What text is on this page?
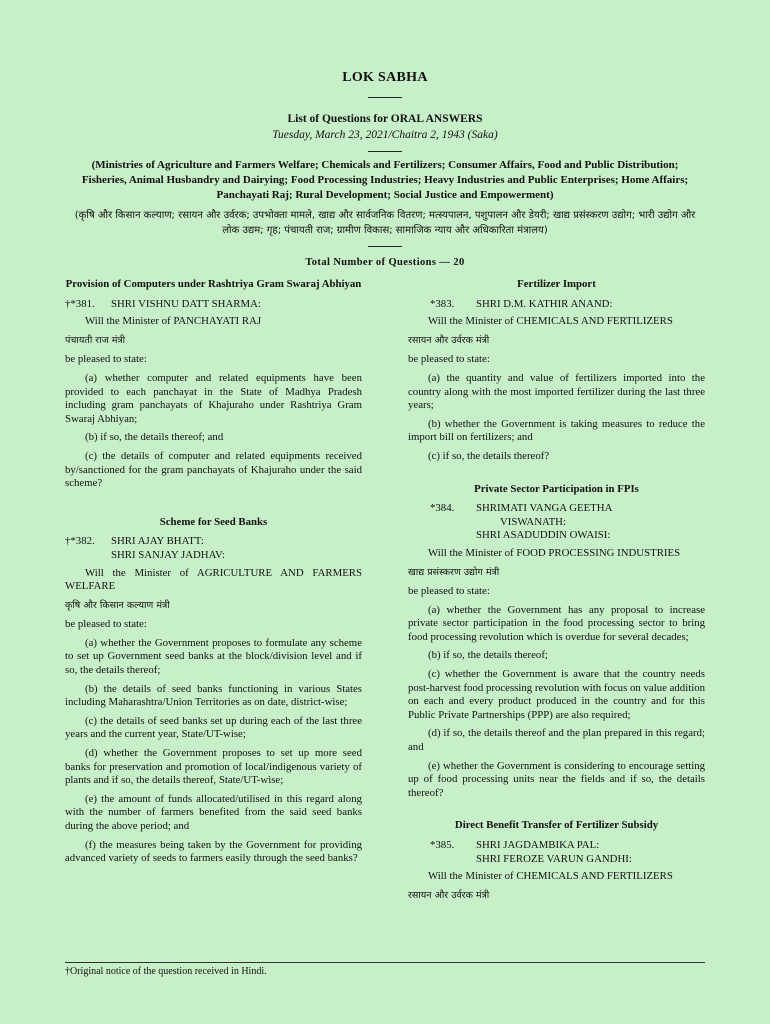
LOK SABHA
List of Questions for ORAL ANSWERS
Tuesday, March 23, 2021/Chaitra 2, 1943 (Saka)
(Ministries of Agriculture and Farmers Welfare; Chemicals and Fertilizers; Consumer Affairs, Food and Public Distribution; Fisheries, Animal Husbandry and Dairying; Food Processing Industries; Heavy Industries and Public Enterprises; Home Affairs; Panchayati Raj; Rural Development; Social Justice and Empowerment)
(कृषि और किसान कल्याण; रसायन और उर्वरक; उपभोक्ता मामले, खाद्य और सार्वजनिक वितरण; मत्स्यपालन, पशुपालन और डेयरी; खाद्य प्रसंस्करण उद्योग; भारी उद्योग और लोक उद्यम; गृह; पंचायती राज; ग्रामीण विकास; सामाजिक न्याय और अधिकारिता मंत्रालय)
Total Number of Questions — 20
Provision of Computers under Rashtriya Gram Swaraj Abhiyan
†*381.	SHRI VISHNU DATT SHARMA:

Will the Minister of PANCHAYATI RAJ

पंचायती राज मंत्री

be pleased to state:

(a) whether computer and related equipments have been provided to each panchayat in the State of Madhya Pradesh including gram panchayats of Khajuraho under Rashtriya Gram Swaraj Abhiyan;

(b) if so, the details thereof; and

(c) the details of computer and related equipments received by/sanctioned for the gram panchayats of Khajuraho under the said scheme?

Scheme for Seed Banks
†*382.	SHRI AJAY BHATT:
SHRI SANJAY JADHAV:

Will the Minister of AGRICULTURE AND FARMERS WELFARE

कृषि और किसान कल्याण मंत्री

be pleased to state:

(a) whether the Government proposes to formulate any scheme to set up Government seed banks at the block/division level and if so, the details thereof;

(b) the details of seed banks functioning in various States including Maharashtra/Union Territories as on date, district-wise;

(c) the details of seed banks set up during each of the last three years and the current year, State/UT-wise;

(d) whether the Government proposes to set up more seed banks for preservation and promotion of local/indigenous variety of plants and if so, the details thereof, State/UT-wise;

(e) the amount of funds allocated/utilised in this regard along with the number of farmers benefited from the said seed banks during the above period; and

(f) the measures being taken by the Government for providing advanced variety of seeds to farmers easily through the seed banks?

Fertilizer Import
*383.	SHRI D.M. KATHIR ANAND:

Will the Minister of CHEMICALS AND FERTILIZERS

रसायन और उर्वरक मंत्री

be pleased to state:

(a) the quantity and value of fertilizers imported into the country along with the most imported fertilizer during the last three years;

(b) whether the Government is taking measures to reduce the import bill on fertilizers; and

(c) if so, the details thereof?

Private Sector Participation in FPIs
*384.	SHRIMATI VANGA GEETHA
VISWANATH:
SHRI ASADUDDIN OWAISI:

Will the Minister of FOOD PROCESSING INDUSTRIES

खाद्य प्रसंस्करण उद्योग मंत्री

be pleased to state:

(a) whether the Government has any proposal to increase private sector participation in the food processing sector to bring food processing revolution which is overdue for several decades;

(b) if so, the details thereof;

(c) whether the Government is aware that the country needs post-harvest food processing revolution with focus on value addition on each and every product produced in the country and for this Public Private Partnerships (PPP) are also required;

(d) if so, the details thereof and the plan prepared in this regard; and

(e) whether the Government is considering to encourage setting up of food processing units near the fields and if so, the details thereof?

Direct Benefit Transfer of Fertilizer Subsidy
*385.	SHRI JAGDAMBIKA PAL:
SHRI FEROZE VARUN GANDHI:

Will the Minister of CHEMICALS AND FERTILIZERS

रसायन और उर्वरक मंत्री
†Original notice of the question received in Hindi.
